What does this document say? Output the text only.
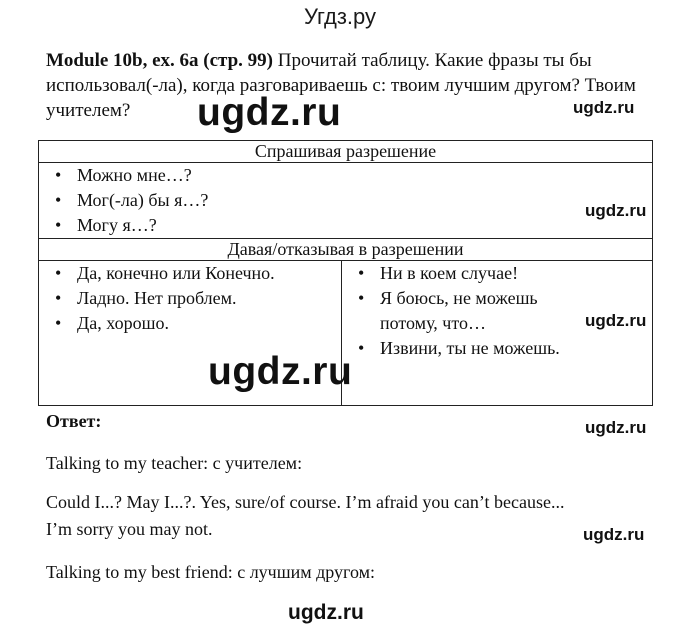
Угдз.ру
Module 10b, ex. 6a (стр. 99) Прочитай таблицу. Какие фразы ты бы использовал(-ла), когда разговариваешь с: твоим лучшим другом? Твоим учителем?
Спрашивая разрешение

• Можно мне…?
• Мог(-ла) бы я…?
• Могу я…?

Давая/отказывая в разрешении

• Да, конечно или Конечно.
• Ладно. Нет проблем.
• Да, хорошо.

• Ни в коем случае!
• Я боюсь, не можешь потому, что…
• Извини, ты не можешь.
Ответ:
Talking to my teacher: с учителем:
Could I...? May I...?. Yes, sure/of course. I’m afraid you can’t because...
I’m sorry you may not.
Talking to my best friend: с лучшим другом:
ugdz.ru
ugdz.ru
ugdz.ru
ugdz.ru
ugdz.ru
ugdz.ru
ugdz.ru
ugdz.ru
